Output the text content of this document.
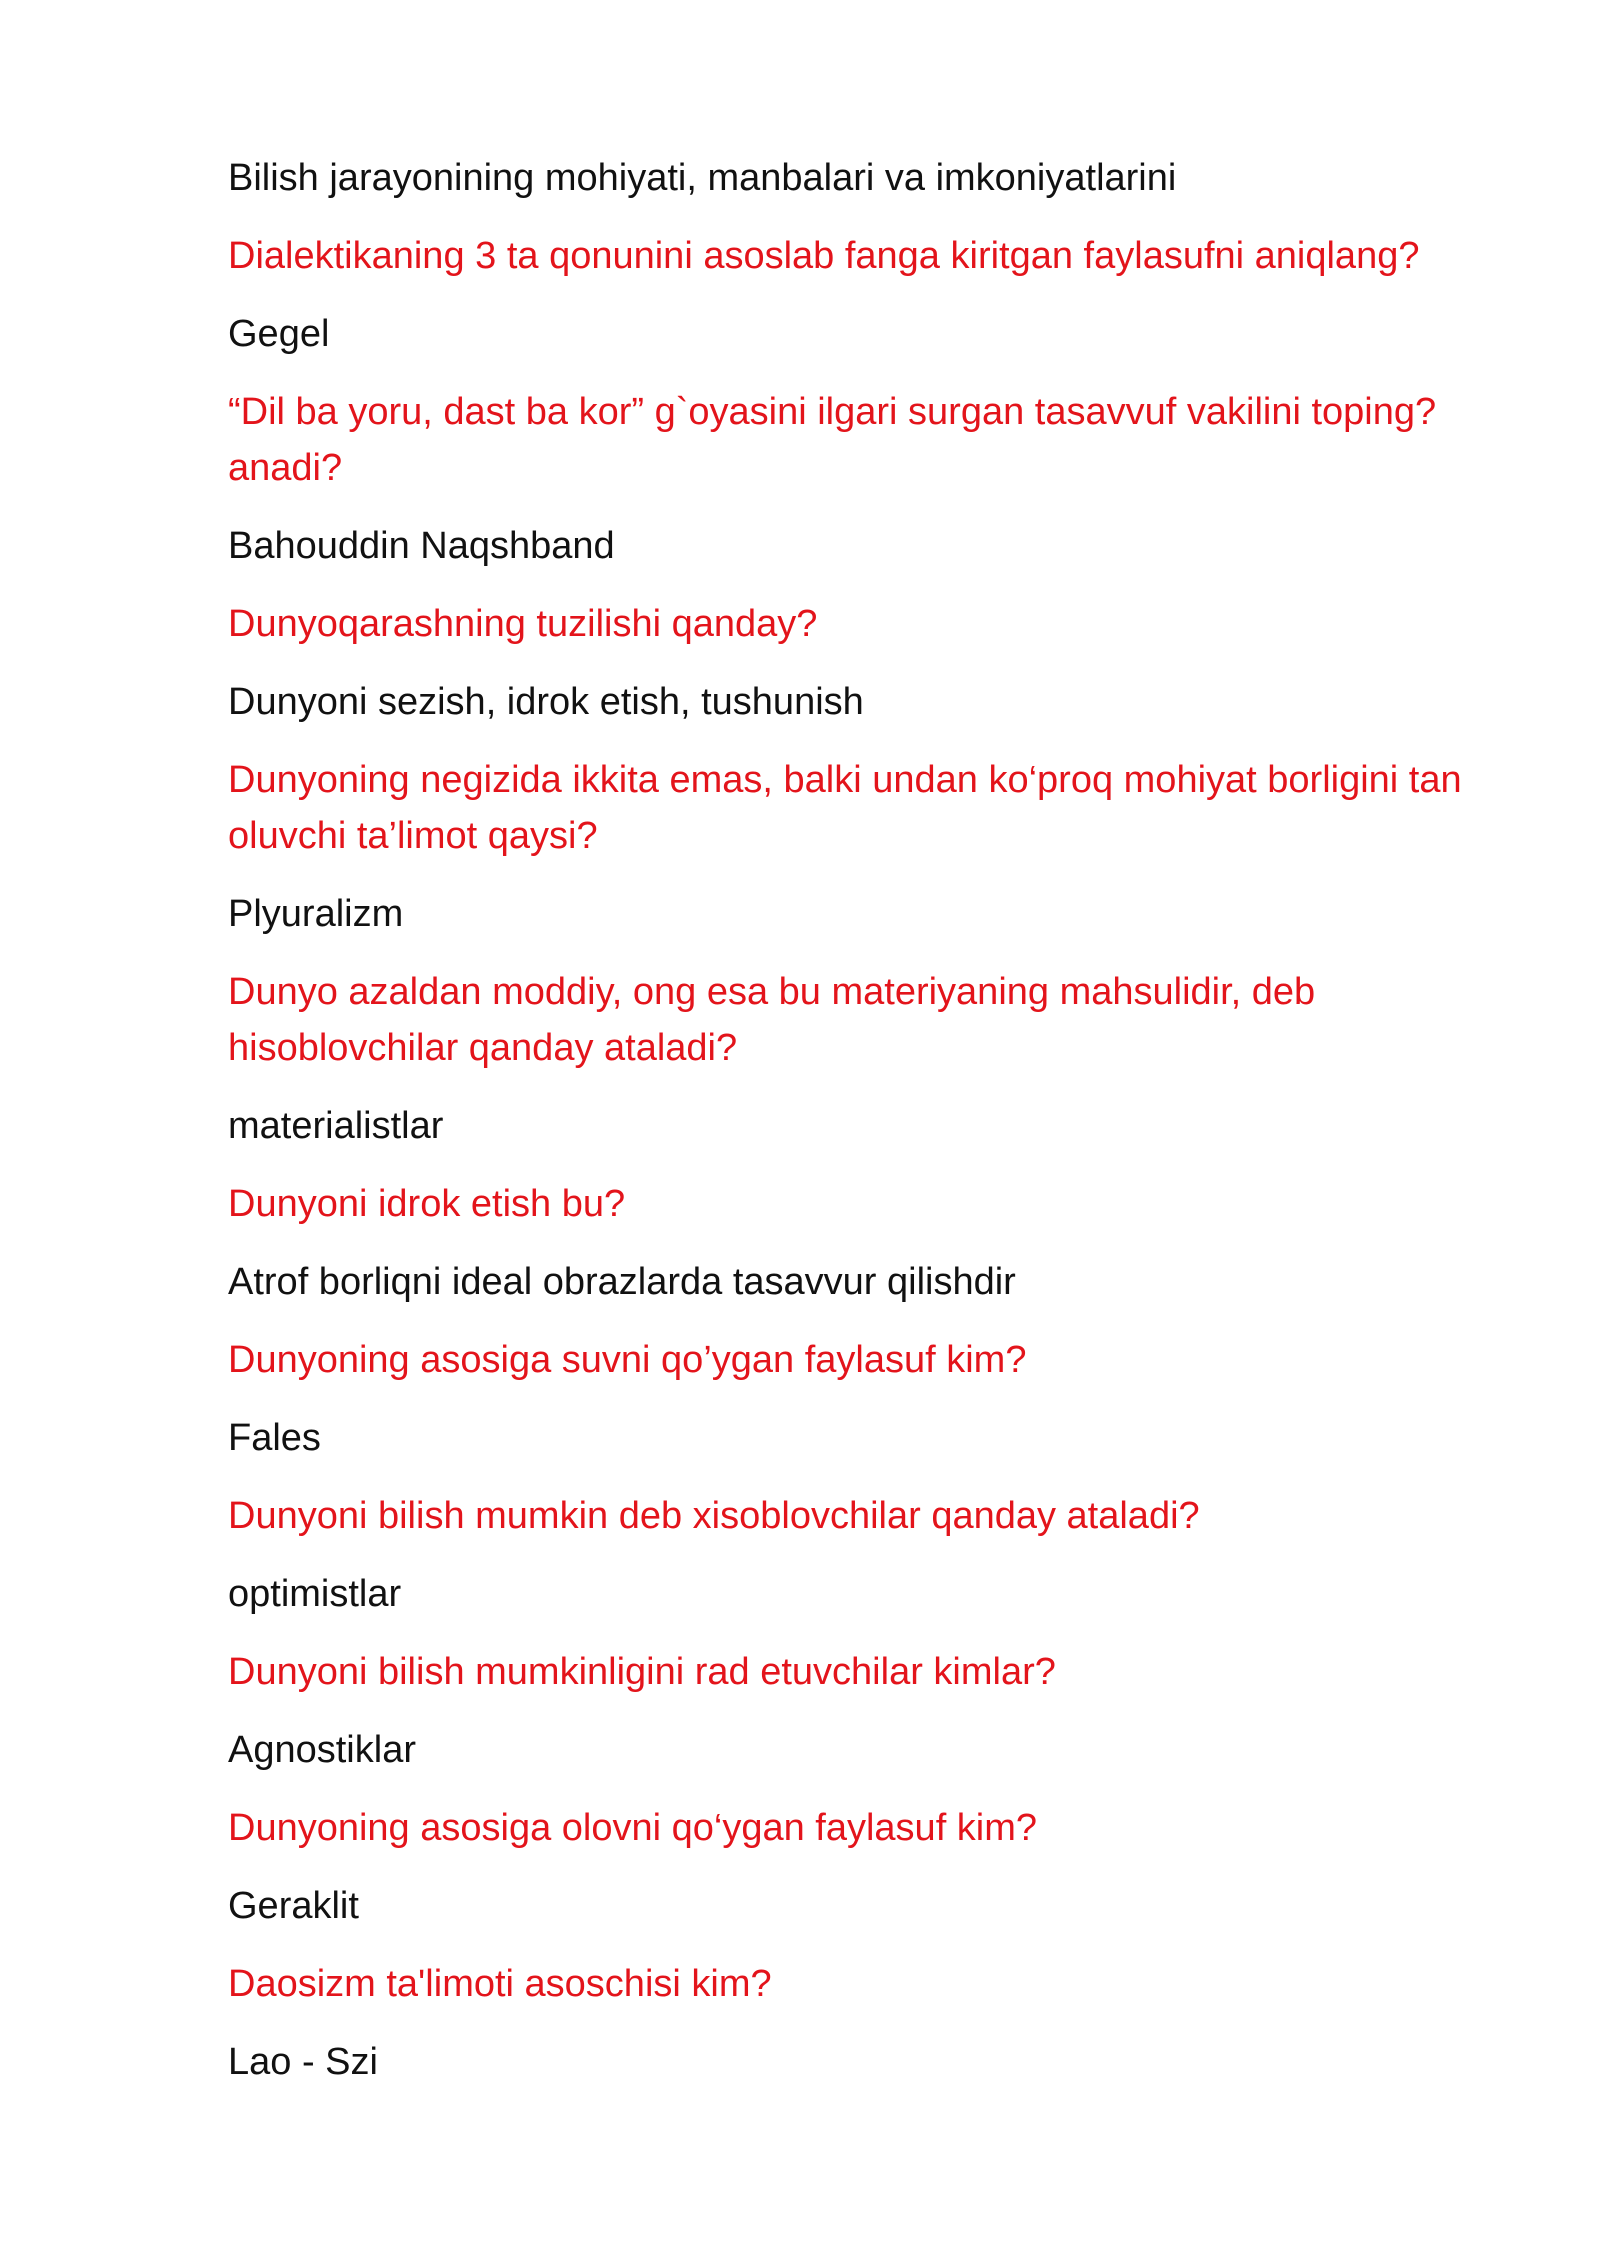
Bilish jarayonining mohiyati, manbalari va imkoniyatlarini

Dialektikaning 3 ta qonunini asoslab fanga kiritgan faylasufni aniqlang?

Gegel

“Dil ba yoru, dast ba kor” g`oyasini ilgari surgan tasavvuf vakilini toping? anadi?

Bahouddin Naqshband

Dunyoqarashning tuzilishi qanday?

Dunyoni sezish, idrok etish, tushunish

Dunyoning negizida ikkita emas, balki undan ko‘proq mohiyat borligini tan oluvchi ta’limot qaysi?

Plyuralizm

Dunyo azaldan moddiy, ong esa bu materiyaning mahsulidir, deb hisoblovchilar qanday ataladi?

materialistlar

Dunyoni idrok etish bu?

Atrof borliqni ideal obrazlarda tasavvur qilishdir

Dunyoning asosiga suvni qo’ygan faylasuf kim?

Fales

Dunyoni bilish mumkin deb xisoblovchilar qanday ataladi?

optimistlar

Dunyoni bilish mumkinligini rad etuvchilar kimlar?

Agnostiklar

Dunyoning asosiga olovni qo‘ygan faylasuf kim?

Geraklit

Daosizm ta'limoti asoschisi kim?

Lao - Szi
